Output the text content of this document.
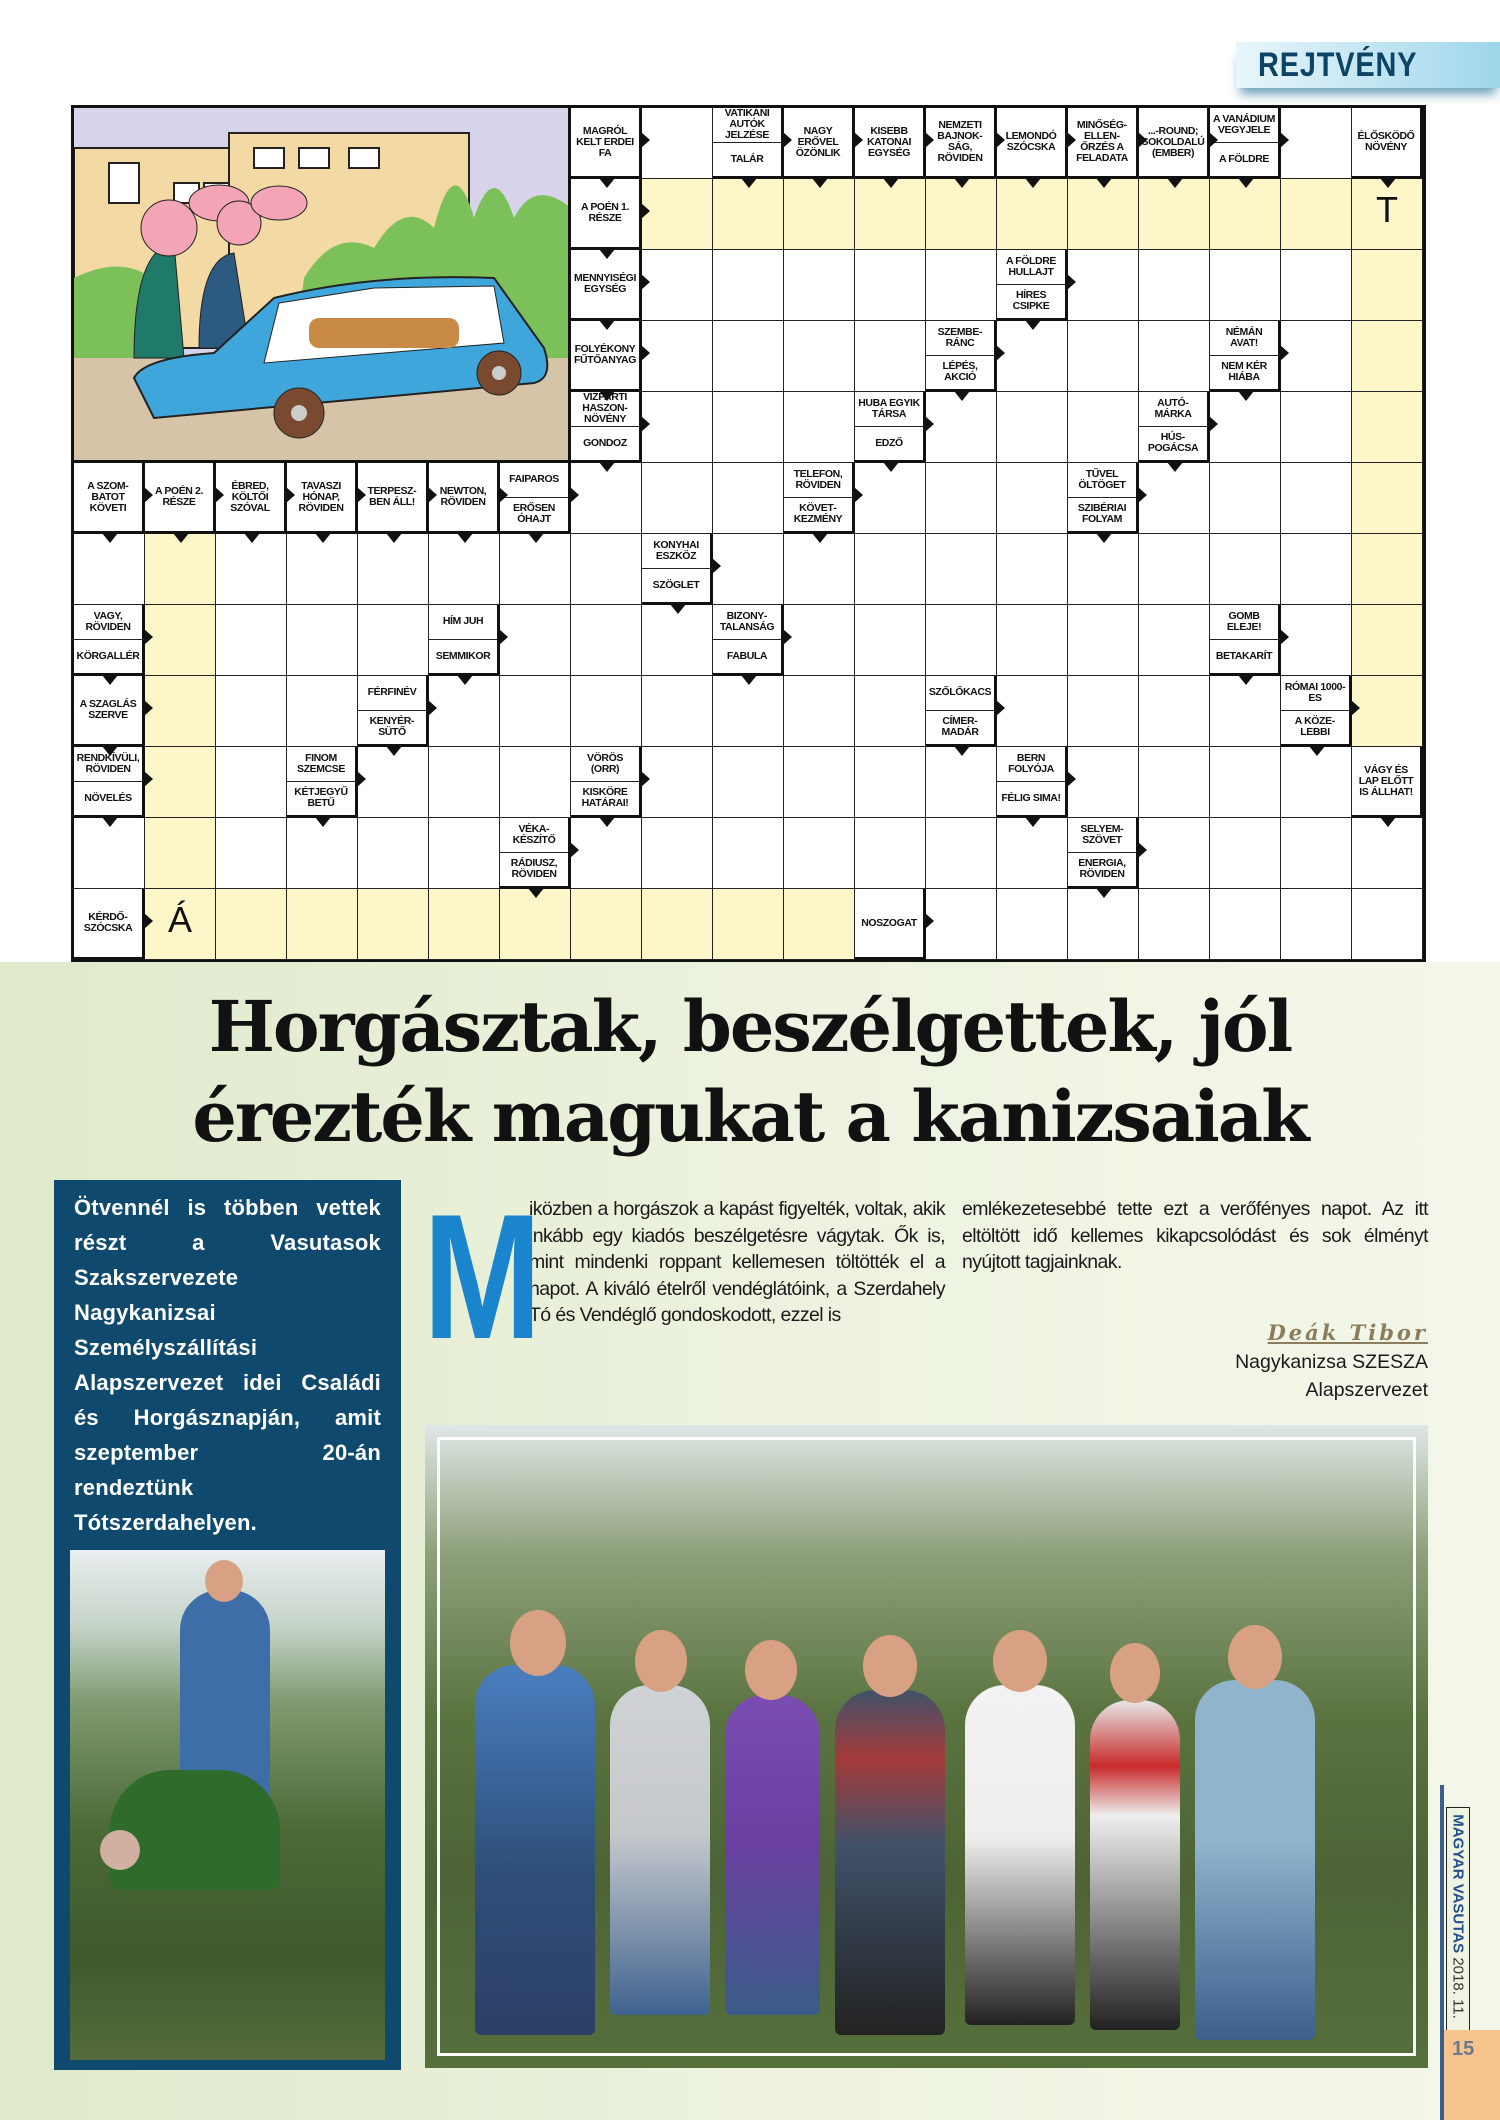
REJTVÉNY
MAGRÓL KELT ERDEI FA
VATIKÁNI AUTÓK JELZÉSE
TALÁR
NAGY ERŐVEL ÖZÖNLIK
KISEBB KATONAI EGYSÉG
NEMZETI BAJNOKSÁG, RÖVIDEN
LEMONDÓ SZÓCSKA
MINŐSÉGELLENŐRZÉS A FELADATA
...-ROUND; SOKOLDALÚ (EMBER)
A VANÁDIUM VEGYJELE
A FÖLDRE
ÉLŐSKÖDŐ NÖVÉNY
A POÉN 1. RÉSZE	T
MENNYISÉGI EGYSÉG
A FÖLDRE HULLAJT
HÍRES CSIPKE
FOLYÉKONY FŰTŐANYAG
SZEMBERÁNC
LÉPÉS, AKCIÓ
NÉMÁN AVAT!
NEM KÉR HIÁBA
VÍZPARTI HASZONNÖVÉNY
GONDOZ
HUBA EGYIK TÁRSA
EDZŐ
AUTÓMÁRKA
HÚSPOGÁCSA
A SZOMBATOT KÖVETI
A POÉN 2. RÉSZE
ÉBRED, KÖLTŐI SZÓVAL
TAVASZI HÓNAP, RÖVIDEN
TERPESZBEN ÁLL!
NEWTON, RÖVIDEN
FAIPAROS
ERŐSEN ÓHAJT
TELEFON, RÖVIDEN
KÖVETKEZMÉNY
TŰVEL ÖLTÖGET
SZIBÉRIAI FOLYAM
KONYHAI ESZKÖZ
SZÖGLET
VAGY, RÖVIDEN
KÖRGALLÉR
HÍM JUH
SEMMIKOR
BIZONYTALANSÁG
FABULA
GOMB ELEJE!
BETAKARÍT
A SZAGLÁS SZERVE
FÉRFINÉV
KENYÉRSÜTŐ
SZŐLŐKACS
CÍMERMADÁR
RÓMAI 1000-ES
A KÖZELEBBI
RENDKÍVÜLI, RÖVIDEN
NÖVELÉS
FINOM SZEMCSE
KÉTJEGYŰ BETŰ
VÖRÖS (ORR)
KISKÖRE HATÁRAI!
BERN FOLYÓJA
FÉLIG SIMA!
VÁGY ÉS LAP ELŐTT IS ÁLLHAT!
VÉKAKÉSZÍTŐ
RÁDIUSZ, RÖVIDEN
SELYEMSZÖVET
ENERGIA, RÖVIDEN
KÉRDŐSZÓCSKA Á	NOSZOGAT
Horgásztak, beszélgettek, jól
érezték magukat a kanizsaiak
Ötvennél is többen vettek részt a Vasutasok Szakszervezete Nagykanizsai Személyszállítási Alapszervezet idei Családi és Horgásznapján, amit szeptember 20-án rendeztünk Tótszerdahelyen.
M
iközben a horgászok a kapást figyelték, voltak, akik inkább egy kiadós beszélgetésre vágytak. Ők is, mint mindenki roppant kellemesen töltötték el a napot. A kiváló ételről vendéglátóink, a Szerdahely Tó és Vendéglő gondoskodott, ezzel is
emlékezetesebbé tette ezt a verőfényes napot. Az itt eltöltött idő kellemes kikapcsolódást és sok élményt nyújtott tagjainknak.
Deák Tibor
Nagykanizsa SZESZA
Alapszervezet
MAGYAR VASUTAS 2018. 11.
15
